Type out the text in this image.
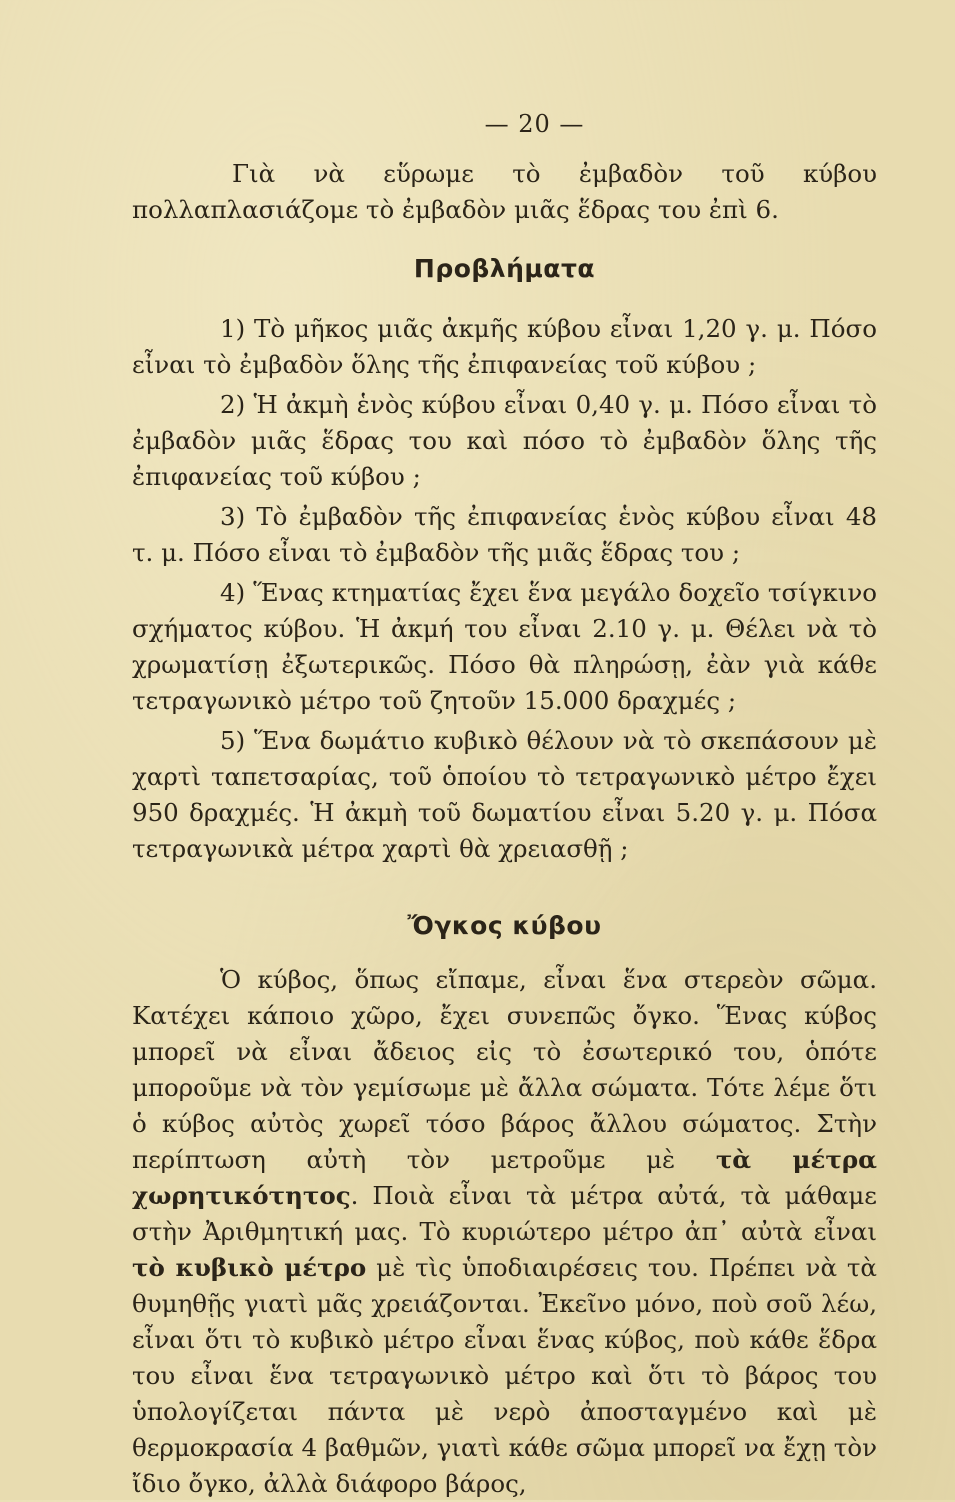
— 20 —

Γιὰ νὰ εὕρωμε τὸ ἐμβαδὸν τοῦ κύβου πολλαπλασιάζομε τὸ ἐμβαδὸν μιᾶς ἕδρας του ἐπὶ 6.

Προβλήματα

1) Τὸ μῆκος μιᾶς ἀκμῆς κύβου εἶναι 1,20 γ. μ. Πόσο εἶναι τὸ ἐμβαδὸν ὅλης τῆς ἐπιφανείας τοῦ κύβου ;

2) Ἡ ἀκμὴ ἑνὸς κύβου εἶναι 0,40 γ. μ. Πόσο εἶναι τὸ ἐμβαδὸν μιᾶς ἕδρας του καὶ πόσο τὸ ἐμβαδὸν ὅλης τῆς ἐπιφανείας τοῦ κύβου ;

3) Τὸ ἐμβαδὸν τῆς ἐπιφανείας ἑνὸς κύβου εἶναι 48 τ. μ. Πόσο εἶναι τὸ ἐμβαδὸν τῆς μιᾶς ἕδρας του ;

4) Ἕνας κτηματίας ἔχει ἕνα μεγάλο δοχεῖο τσίγκινο σχήματος κύβου. Ἡ ἀκμή του εἶναι 2.10 γ. μ. Θέλει νὰ τὸ χρωματίσῃ ἐξωτερικῶς. Πόσο θὰ πληρώσῃ, ἐὰν γιὰ κάθε τετραγωνικὸ μέτρο τοῦ ζητοῦν 15.000 δραχμές ;

5) Ἕνα δωμάτιο κυβικὸ θέλουν νὰ τὸ σκεπάσουν μὲ χαρτὶ ταπετσαρίας, τοῦ ὁποίου τὸ τετραγωνικὸ μέτρο ἔχει 950 δραχμές. Ἡ ἀκμὴ τοῦ δωματίου εἶναι 5.20 γ. μ. Πόσα τετραγωνικὰ μέτρα χαρτὶ θὰ χρειασθῇ ;

Ὄγκος κύβου

Ὁ κύβος, ὅπως εἴπαμε, εἶναι ἕνα στερεὸν σῶμα. Κατέχει κάποιο χῶρο, ἔχει συνεπῶς ὄγκο. Ἕνας κύβος μπορεῖ νὰ εἶναι ἄδειος εἰς τὸ ἐσωτερικό του, ὁπότε μποροῦμε νὰ τὸν γεμίσωμε μὲ ἄλλα σώματα. Τότε λέμε ὅτι ὁ κύβος αὐτὸς χωρεῖ τόσο βάρος ἄλλου σώματος. Στὴν περίπτωση αὐτὴ τὸν μετροῦμε μὲ τὰ μέτρα χωρητικότητος. Ποιὰ εἶναι τὰ μέτρα αὐτά, τὰ μάθαμε στὴν Ἀριθμητική μας. Τὸ κυριώτερο μέτρο ἀπ᾽ αὐτὰ εἶναι τὸ κυβικὸ μέτρο μὲ τὶς ὑποδιαιρέσεις του. Πρέπει νὰ τὰ θυμηθῇς γιατὶ μᾶς χρειάζονται. Ἐκεῖνο μόνο, ποὺ σοῦ λέω, εἶναι ὅτι τὸ κυβικὸ μέτρο εἶναι ἕνας κύβος, ποὺ κάθε ἕδρα του εἶναι ἕνα τετραγωνικὸ μέτρο καὶ ὅτι τὸ βάρος του ὑπολογίζεται πάντα μὲ νερὸ ἀποσταγμένο καὶ μὲ θερμοκρασία 4 βαθμῶν, γιατὶ κάθε σῶμα μπορεῖ να ἔχῃ τὸν ἴδιο ὄγκο, ἀλλὰ διάφορο βάρος,
